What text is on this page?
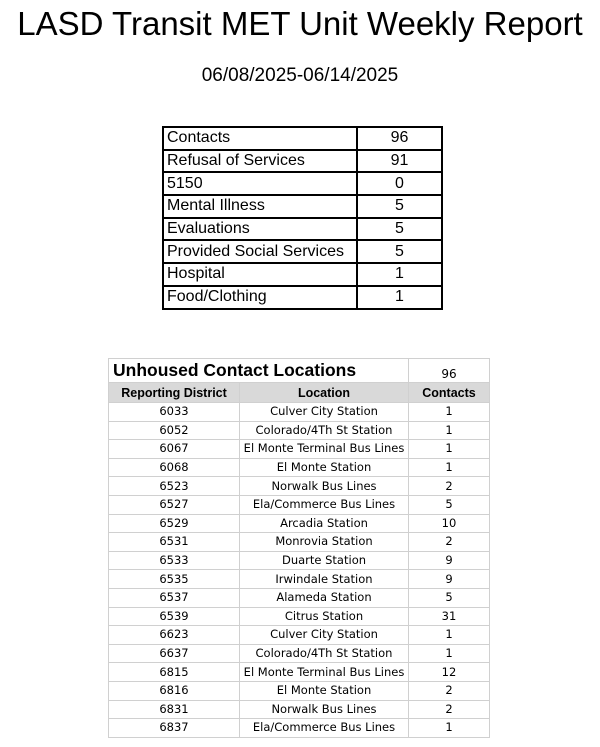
LASD Transit MET Unit Weekly Report
06/08/2025-06/14/2025
Contacts	96
Refusal of Services	91
5150	0
Mental Illness	5
Evaluations	5
Provided Social Services	5
Hospital	1
Food/Clothing	1
Unhoused Contact Locations		96
Reporting District	Location	Contacts
6033	Culver City Station	1
6052	Colorado/4Th St Station	1
6067	El Monte Terminal Bus Lines	1
6068	El Monte Station	1
6523	Norwalk Bus Lines	2
6527	Ela/Commerce Bus Lines	5
6529	Arcadia Station	10
6531	Monrovia Station	2
6533	Duarte Station	9
6535	Irwindale Station	9
6537	Alameda Station	5
6539	Citrus Station	31
6623	Culver City Station	1
6637	Colorado/4Th St Station	1
6815	El Monte Terminal Bus Lines	12
6816	El Monte Station	2
6831	Norwalk Bus Lines	2
6837	Ela/Commerce Bus Lines	1
